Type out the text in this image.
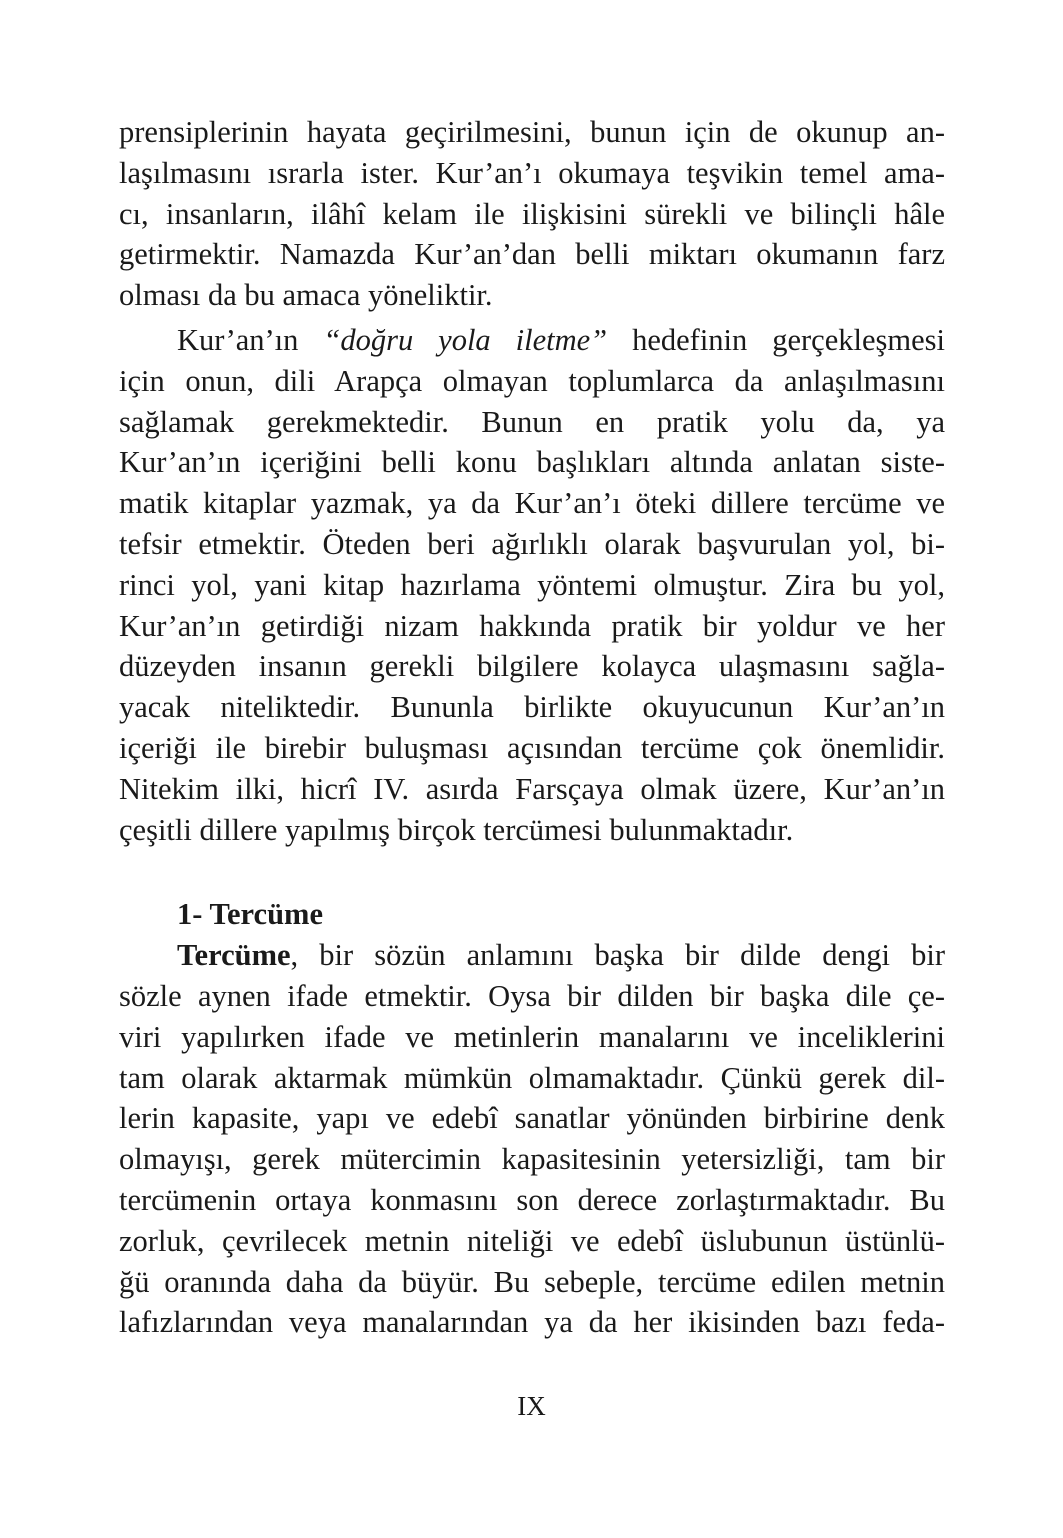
prensiplerinin hayata geçirilmesini, bunun için de okunup an-
laşılmasını ısrarla ister. Kur’an’ı okumaya teşvikin temel ama-
cı, insanların, ilâhî kelam ile ilişkisini sürekli ve bilinçli hâle
getirmektir. Namazda Kur’an’dan belli miktarı okumanın farz
olması da bu amaca yöneliktir.
Kur’an’ın “doğru yola iletme” hedefinin gerçekleşmesi
için onun, dili Arapça olmayan toplumlarca da anlaşılmasını
sağlamak gerekmektedir. Bunun en pratik yolu da, ya
Kur’an’ın içeriğini belli konu başlıkları altında anlatan siste-
matik kitaplar yazmak, ya da Kur’an’ı öteki dillere tercüme ve
tefsir etmektir. Öteden beri ağırlıklı olarak başvurulan yol, bi-
rinci yol, yani kitap hazırlama yöntemi olmuştur. Zira bu yol,
Kur’an’ın getirdiği nizam hakkında pratik bir yoldur ve her
düzeyden insanın gerekli bilgilere kolayca ulaşmasını sağla-
yacak niteliktedir. Bununla birlikte okuyucunun Kur’an’ın
içeriği ile birebir buluşması açısından tercüme çok önemlidir.
Nitekim ilki, hicrî IV. asırda Farsçaya olmak üzere, Kur’an’ın
çeşitli dillere yapılmış birçok tercümesi bulunmaktadır.
1- Tercüme
Tercüme, bir sözün anlamını başka bir dilde dengi bir
sözle aynen ifade etmektir. Oysa bir dilden bir başka dile çe-
viri yapılırken ifade ve metinlerin manalarını ve inceliklerini
tam olarak aktarmak mümkün olmamaktadır. Çünkü gerek dil-
lerin kapasite, yapı ve edebî sanatlar yönünden birbirine denk
olmayışı, gerek mütercimin kapasitesinin yetersizliği, tam bir
tercümenin ortaya konmasını son derece zorlaştırmaktadır. Bu
zorluk, çevrilecek metnin niteliği ve edebî üslubunun üstünlü-
ğü oranında daha da büyür. Bu sebeple, tercüme edilen metnin
lafızlarından veya manalarından ya da her ikisinden bazı feda-
IX
